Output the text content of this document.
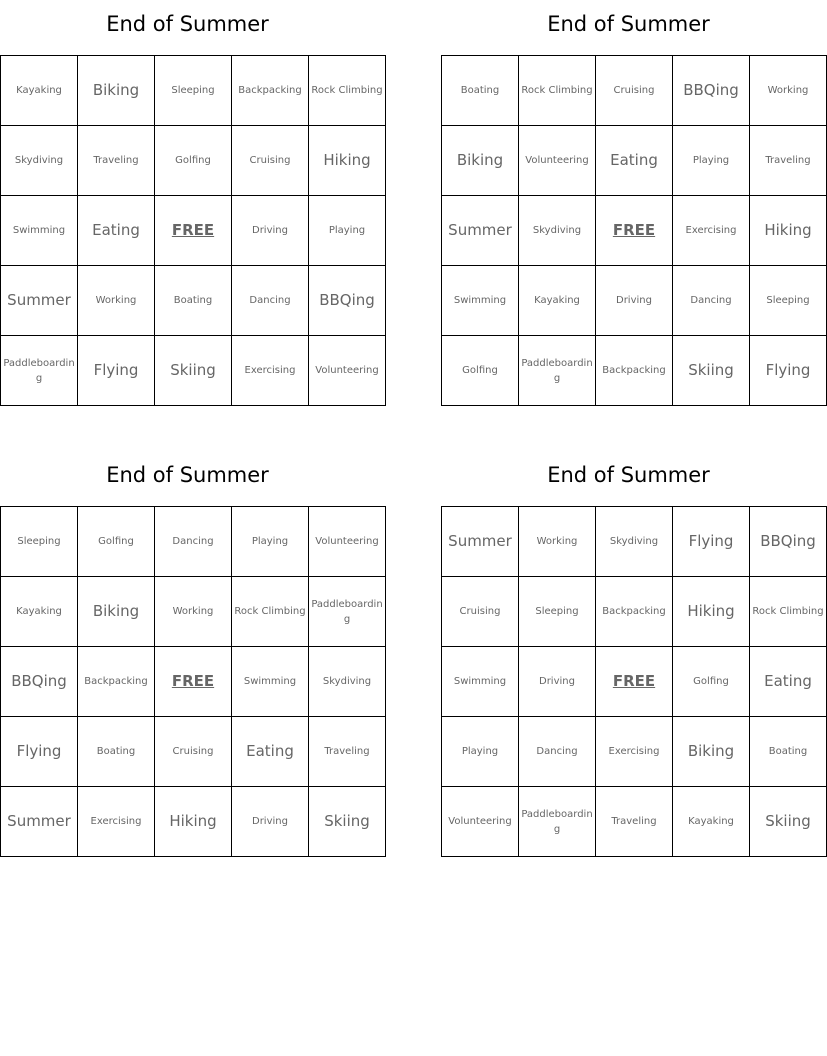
End of Summer
Kayaking	Biking	Sleeping	Backpacking	Rock Climbing
Skydiving	Traveling	Golfing	Cruising	Hiking
Swimming	Eating	FREE	Driving	Playing
Summer	Working	Boating	Dancing	BBQing
Paddleboarding	Flying	Skiing	Exercising	Volunteering
End of Summer
Boating	Rock Climbing	Cruising	BBQing	Working
Biking	Volunteering	Eating	Playing	Traveling
Summer	Skydiving	FREE	Exercising	Hiking
Swimming	Kayaking	Driving	Dancing	Sleeping
Golfing	Paddleboarding	Backpacking	Skiing	Flying
End of Summer
Sleeping	Golfing	Dancing	Playing	Volunteering
Kayaking	Biking	Working	Rock Climbing	Paddleboarding
BBQing	Backpacking	FREE	Swimming	Skydiving
Flying	Boating	Cruising	Eating	Traveling
Summer	Exercising	Hiking	Driving	Skiing
End of Summer
Summer	Working	Skydiving	Flying	BBQing
Cruising	Sleeping	Backpacking	Hiking	Rock Climbing
Swimming	Driving	FREE	Golfing	Eating
Playing	Dancing	Exercising	Biking	Boating
Volunteering	Paddleboarding	Traveling	Kayaking	Skiing
